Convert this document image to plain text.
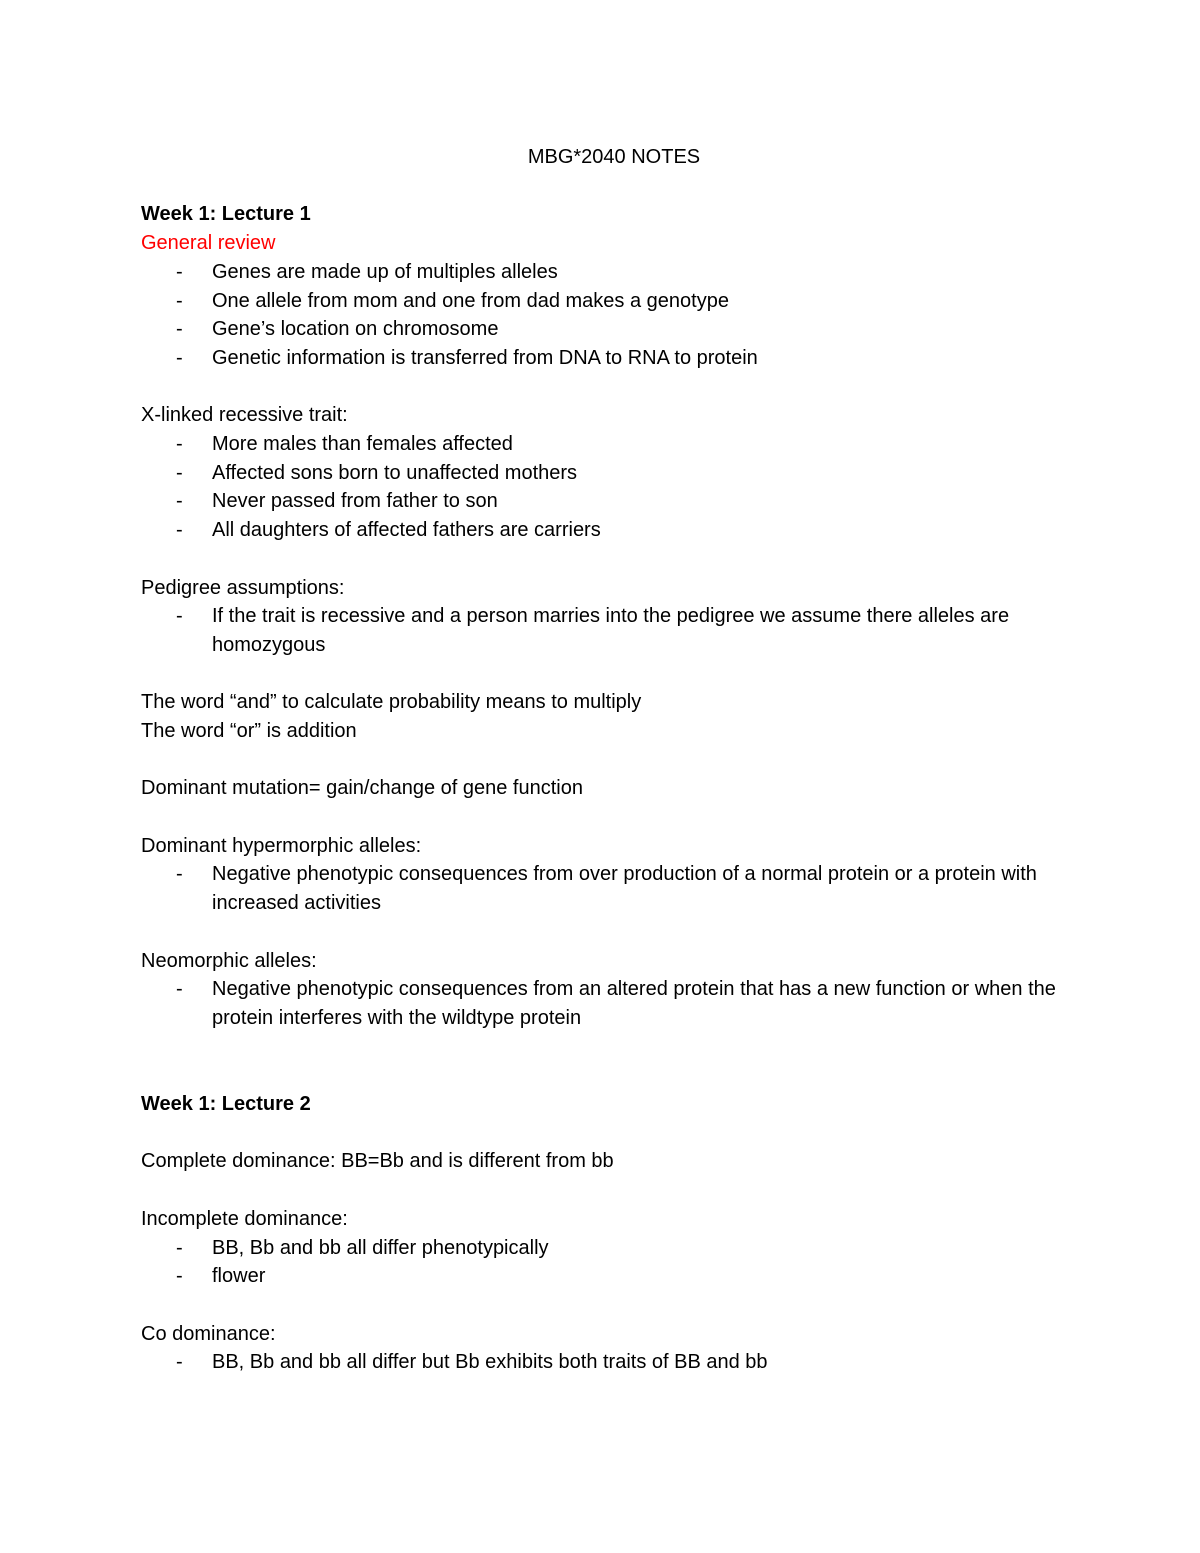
MBG*2040 NOTES
Week 1: Lecture 1
General review
- Genes are made up of multiples alleles
- One allele from mom and one from dad makes a genotype
- Gene’s location on chromosome
- Genetic information is transferred from DNA to RNA to protein
X-linked recessive trait:
- More males than females affected
- Affected sons born to unaffected mothers
- Never passed from father to son
- All daughters of affected fathers are carriers
Pedigree assumptions:
- If the trait is recessive and a person marries into the pedigree we assume there alleles are homozygous
The word “and” to calculate probability means to multiply
The word “or” is addition
Dominant mutation= gain/change of gene function
Dominant hypermorphic alleles:
- Negative phenotypic consequences from over production of a normal protein or a protein with increased activities
Neomorphic alleles:
- Negative phenotypic consequences from an altered protein that has a new function or when the protein interferes with the wildtype protein
Week 1: Lecture 2
Complete dominance: BB=Bb and is different from bb
Incomplete dominance:
- BB, Bb and bb all differ phenotypically
- flower
Co dominance:
- BB, Bb and bb all differ but Bb exhibits both traits of BB and bb
